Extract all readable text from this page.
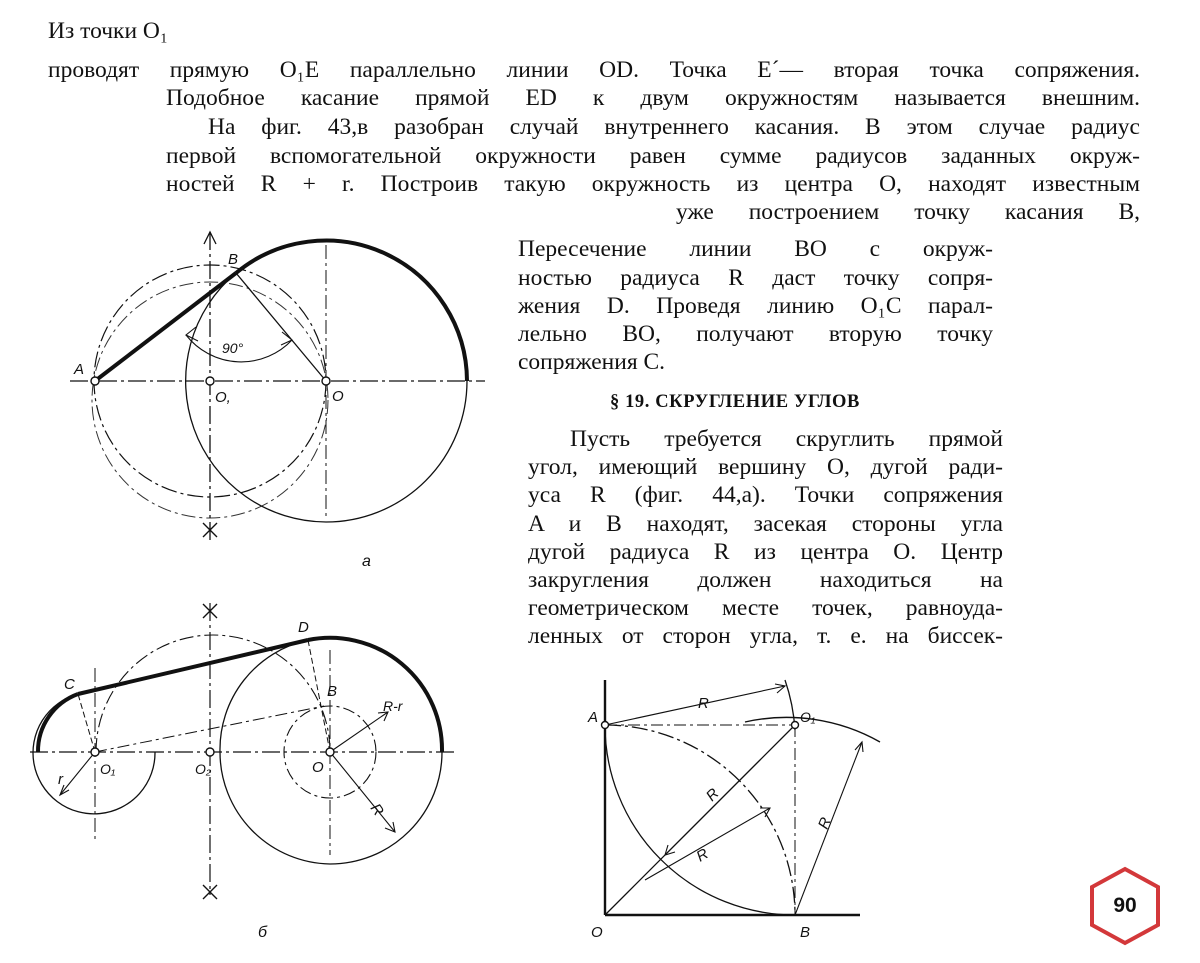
Из точки O₁
проводят прямую O₁E параллельно линии OD. Точка E´— вторая точка сопряжения.
Подобное касание прямой ED к двум окружностям называется внешним.
На фиг. 43,в разобран случай внутреннего касания. В этом случае радиус
первой вспомогательной окружности равен сумме радиусов заданных окруж-
ностей R + r. Построив такую окружность из центра O, находят известным
уже построением точку касания B,
Пересечение линии BO с окруж-
ностью радиуса R даст точку сопря-
жения D. Проведя линию O₁C парал-
лельно BO, получают вторую точку
сопряжения C.
§ 19. СКРУГЛЕНИЕ УГЛОВ
Пусть требуется скруглить прямой
угол, имеющий вершину O, дугой ради-
уса R (фиг. 44,а). Точки сопряжения
A и B находят, засекая стороны угла
дугой радиуса R из центра O. Центр
закругления должен находиться на
геометрическом месте точек, равноуда-
ленных от сторон угла, т. е. на биссек-
A
B
O,	O
90°
a
C
D
B
O₁	O₂	O
R-r
r
R
б
A	O₁
O	B
R
R
R
R
90
